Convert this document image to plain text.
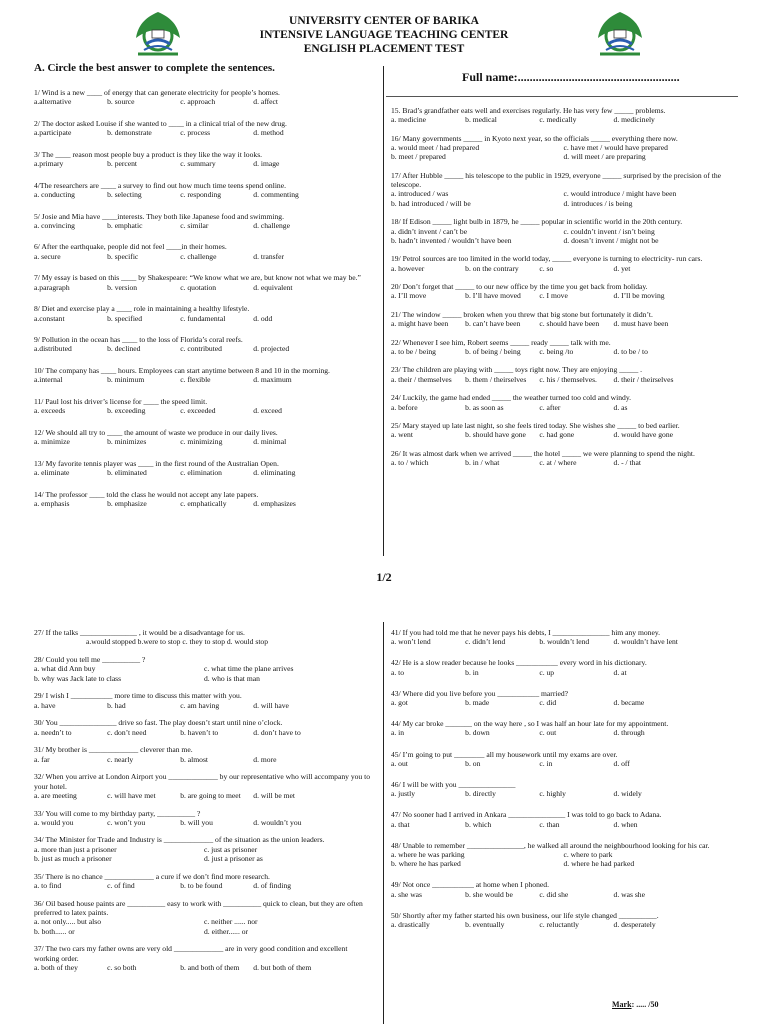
UNIVERSITY CENTER OF BARIKA
INTENSIVE LANGUAGE TEACHING CENTER
ENGLISH PLACEMENT TEST
A. Circle the best answer to complete the sentences.
Full name:......................................................
1/ Wind is a new ____ of energy that can generate electricity for people’s homes.
a.alternative	b. source	c. approach	d. affect
2/ The doctor asked Louise if she wanted to ____ in a clinical trial of the new drug.
a.participate	b. demonstrate	c. process	d. method
3/ The ____ reason most people buy a product is they like the way it looks.
a.primary	b. percent	c. summary	d. image
4/The researchers are ____ a survey to find out how much time teens spend online.
a. conducting	b. selecting	c. responding	d. commenting
5/ Josie and Mia have ____interests. They both like Japanese food and swimming.
a. convincing	b. emphatic	c. similar	d. challenge
6/ After the earthquake, people did not feel ____in their homes.
a. secure	b. specific	c. challenge	d. transfer
7/ My essay is based on this ____ by Shakespeare: “We know what we are, but know not what we may be.”
a.paragraph	b. version	c. quotation	d. equivalent
8/ Diet and exercise play a ____ role in maintaining a healthy lifestyle.
a.constant	b. specified	c. fundamental	d. odd
9/ Pollution in the ocean has ____ to the loss of Florida’s coral reefs.
a.distributed	b. declined	c. contributed	d. projected
10/ The company has ____ hours. Employees can start anytime between 8 and 10 in the morning.
a.internal	b. minimum	c. flexible	d. maximum
11/ Paul lost his driver’s license for ____ the speed limit.
a. exceeds	b. exceeding	c. exceeded	d. exceed
12/ We should all try to ____ the amount of waste we produce in our daily lives.
a. minimize	b. minimizes	c. minimizing	d. minimal
13/ My favorite tennis player was ____ in the first round of the Australian Open.
a. eliminate	b. eliminated	c. elimination	d. eliminating
14/ The professor ____ told the class he would not accept any late papers.
a. emphasis	b. emphasize	c. emphatically	d. emphasizes
15. Brad’s grandfather eats well and exercises regularly. He has very few _____ problems.
a. medicine	b. medical	c. medically	d. medicinely
16/ Many governments _____ in Kyoto next year, so the officials _____ everything there now.
a. would meet / had prepared	c. have met / would have prepared
b. meet / prepared	d. will meet / are preparing
17/ After Hubble _____ his telescope to the public in 1929, everyone _____ surprised by the precision of the telescope.
a. introduced / was	c. would introduce / might have been
b. had introduced / will be	d. introduces / is being
18/ If Edison _____ light bulb in 1879, he _____ popular in scientific world in the 20th century.
a. didn’t invent / can’t be	c. couldn’t invent / isn’t being
b. hadn’t invented / wouldn’t have been	d. doesn’t invent / might not be
19/ Petrol sources are too limited in the world today, _____ everyone is turning to electricity- run cars.
a. however	b. on the contrary	c. so	d. yet
20/ Don’t forget that _____ to our new office by the time you get back from holiday.
a. I’ll move	b. I’ll have moved	c. I move	d. I’ll be moving
21/ The window _____ broken when you threw that big stone but fortunately it didn’t.
a. might have been	b. can’t have been	c. should have been	d. must have been
22/ Whenever I see him, Robert seems _____ ready _____ talk with me.
a. to be / being	b. of being / being	c. being /to	d. to be / to
23/ The children are playing with _____ toys right now. They are enjoying _____ .
a. their / themselves	b. them / theirselves	c. his / themselves.	d. their / theirselves
24/ Luckily, the game had ended _____ the weather turned too cold and windy.
a. before	b. as soon as	c. after	d. as
25/ Mary stayed up late last night, so she feels tired today. She wishes she _____ to bed earlier.
a. went	b. should have gone	c. had gone	d. would have gone
26/ It was almost dark when we arrived _____ the hotel _____ we were planning to spend the night.
a. to / which	b. in / what	c. at / where	d. - / that
1/2
27/ If the talks _______________ , it would be a disadvantage for us.
a.would stopped b.were to stop c. they to stop d. would stop
28/ Could you tell me __________ ?
a. what did Ann buy	c. what time the plane arrives
b. why was Jack late to class	d. who is that man
29/ I wish I ___________ more time to discuss this matter with you.
a. have	b. had	c. am having	d. will have
30/ You _______________ drive so fast. The play doesn’t start until nine o’clock.
a. needn’t to	c. don’t need	b. haven’t to	d. don’t have to
31/ My brother is _____________ cleverer than me.
a. far	c. nearly	b. almost	d. more
32/ When you arrive at London Airport you _____________ by our representative who will accompany you to your hotel.
a. are meeting	c. will have met	b. are going to meet	d. will be met
33/ You will come to my birthday party, __________ ?
a. would you	c. won’t you	b. will you	d. wouldn’t you
34/ The Minister for Trade and Industry is _____________ of the situation as the union leaders.
a. more than just a prisoner	c. just as prisoner
b. just as much a prisoner	d. just a prisoner as
35/ There is no chance _____________ a cure if we don’t find more research.
a. to find	c. of find	b. to be found	d. of finding
36/ Oil based house paints are __________ easy to work with __________ quick to clean, but they are often preferred to latex paints.
a. not only..... but also	c. neither ...... nor
b. both...... or	d. either...... or
37/ The two cars my father owns are very old _____________ are in very good condition and excellent working order.
a. both of they	c. so both	b. and both of them	d. but both of them
41/ If you had told me that he never pays his debts, I _______________ him any money.
a. won’t lend	c. didn’t lend	b. wouldn’t lend	d. wouldn’t have lent
42/ He is a slow reader because he looks ___________ every word in his dictionary.
a. to	b. in	c. up	d. at
43/ Where did you live before you ___________ married?
a. got	b. made	c. did	d. became
44/ My car broke _______ on the way here , so I was half an hour late for my appointment.
a. in	b. down	c. out	d. through
45/ I’m going to put ________ all my housework until my exams are over.
a. out	b. on	c. in	d. off
46/ I will be with you _______________
a. justly	b. directly	c. highly	d. widely
47/ No sooner had I arrived in Ankara _______________ I was told to go back to Adana.
a. that	b. which	c. than	d. when
48/ Unable to remember _______________, he walked all around the neighbourhood looking for his car.
a. where he was parking	c. where to park
b. where he has parked	d. where he had parked
49/ Not once ___________ at home when I phoned.
a. she was	b. she would be	c. did she	d. was she
50/ Shortly after my father started his own business, our life style changed __________.
a. drastically	b. eventually	c. reluctantly	d. desperately
Mark: ..... /50
